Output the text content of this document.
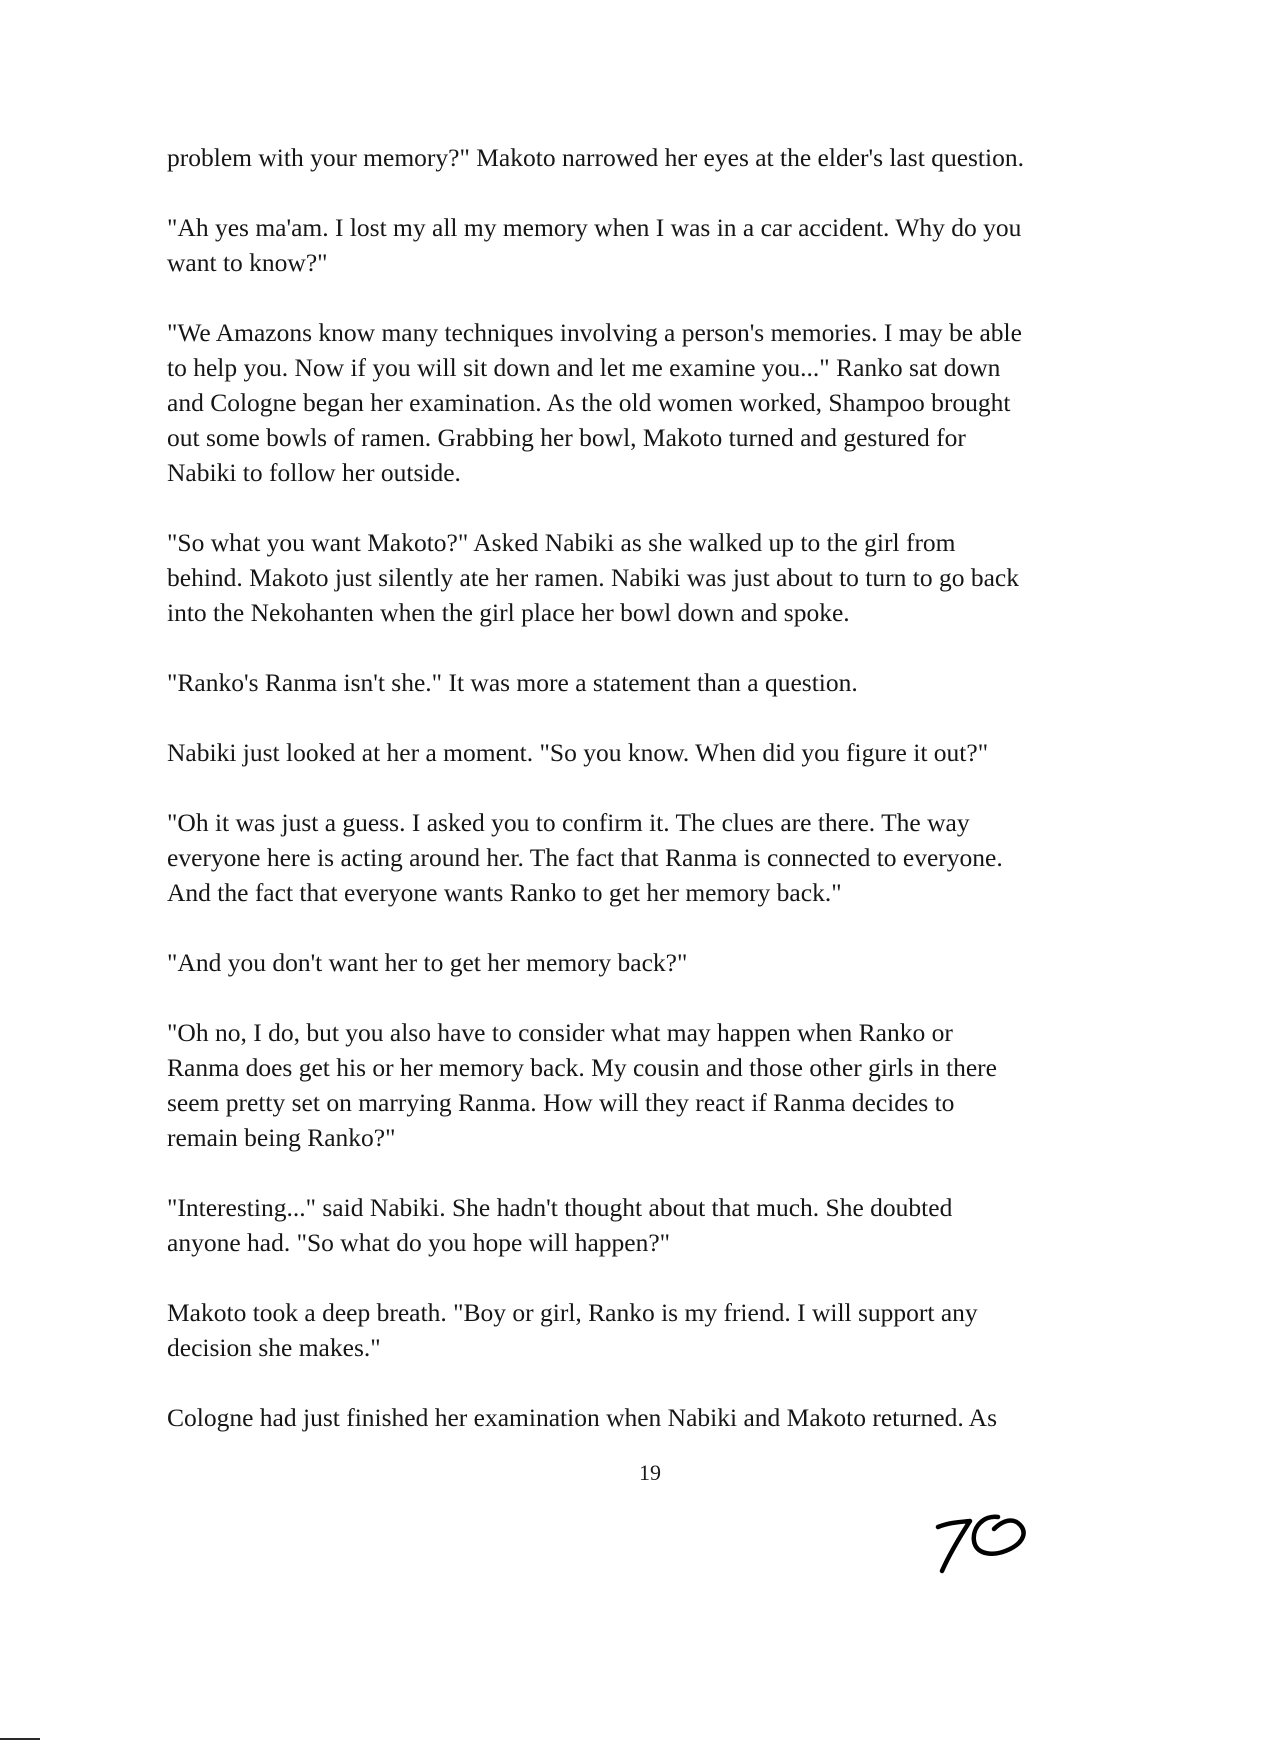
problem with your memory?" Makoto narrowed her eyes at the elder's last question.

"Ah yes ma'am. I lost my all my memory when I was in a car accident. Why do you
want to know?"

"We Amazons know many techniques involving a person's memories. I may be able
to help you. Now if you will sit down and let me examine you..." Ranko sat down
and Cologne began her examination. As the old women worked, Shampoo brought
out some bowls of ramen. Grabbing her bowl, Makoto turned and gestured for
Nabiki to follow her outside.

"So what you want Makoto?" Asked Nabiki as she walked up to the girl from
behind. Makoto just silently ate her ramen. Nabiki was just about to turn to go back
into the Nekohanten when the girl place her bowl down and spoke.

"Ranko's Ranma isn't she." It was more a statement than a question.

Nabiki just looked at her a moment. "So you know. When did you figure it out?"

"Oh it was just a guess. I asked you to confirm it. The clues are there. The way
everyone here is acting around her. The fact that Ranma is connected to everyone.
And the fact that everyone wants Ranko to get her memory back."

"And you don't want her to get her memory back?"

"Oh no, I do, but you also have to consider what may happen when Ranko or
Ranma does get his or her memory back. My cousin and those other girls in there
seem pretty set on marrying Ranma. How will they react if Ranma decides to
remain being Ranko?"

"Interesting..." said Nabiki. She hadn't thought about that much. She doubted
anyone had. "So what do you hope will happen?"

Makoto took a deep breath. "Boy or girl, Ranko is my friend. I will support any
decision she makes."

Cologne had just finished her examination when Nabiki and Makoto returned. As

19
